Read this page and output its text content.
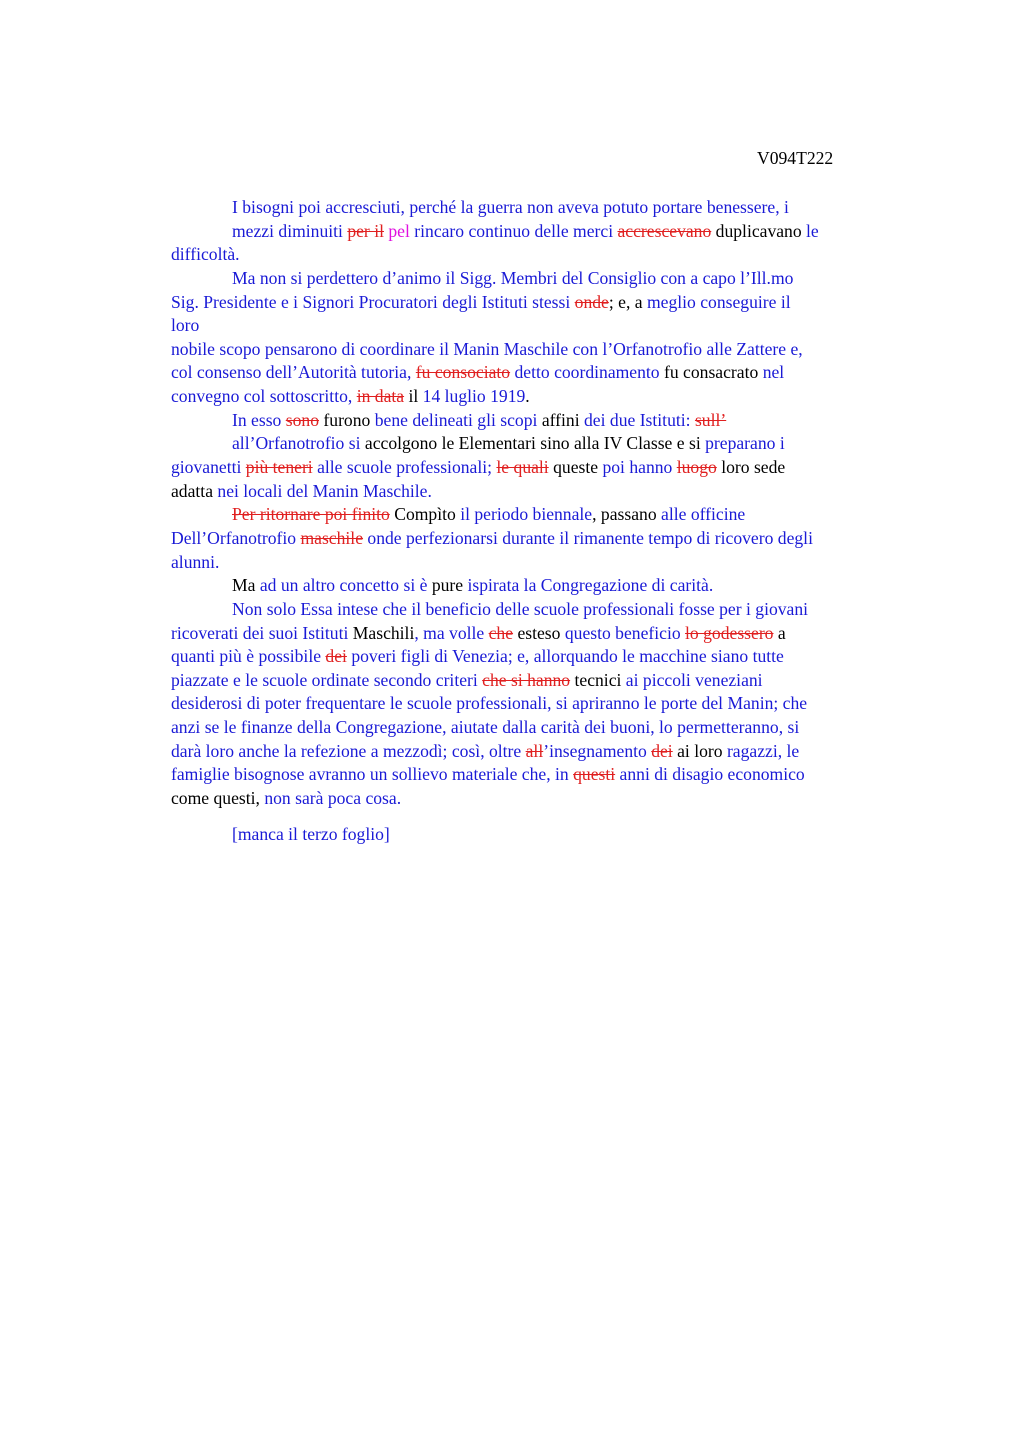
V094T222
I bisogni poi accresciuti, perché la guerra non aveva potuto portare benessere, i
mezzi diminuiti per il pel rincaro continuo delle merci accrescevano duplicavano le
difficoltà.
Ma non si perdettero d’animo il Sigg. Membri del Consiglio con a capo l’Ill.mo
Sig. Presidente e i Signori Procuratori degli Istituti stessi onde; e, a meglio conseguire il
loro
nobile scopo pensarono di coordinare il Manin Maschile con l’Orfanotrofio alle Zattere e,
col consenso dell’Autorità tutoria, fu consociato detto coordinamento fu consacrato nel
convegno col sottoscritto, in data il 14 luglio 1919.
In esso sono furono bene delineati gli scopi affini dei due Istituti: sull’
all’Orfanotrofio si accolgono le Elementari sino alla IV Classe e si preparano i
giovanetti più teneri alle scuole professionali; le quali queste poi hanno luogo loro sede
adatta nei locali del Manin Maschile.
Per ritornare poi finito Compìto il periodo biennale, passano alle officine
Dell’Orfanotrofio maschile onde perfezionarsi durante il rimanente tempo di ricovero degli
alunni.
Ma ad un altro concetto si è pure ispirata la Congregazione di carità.
Non solo Essa intese che il beneficio delle scuole professionali fosse per i giovani
ricoverati dei suoi Istituti Maschili, ma volle che esteso questo beneficio lo godessero a
quanti più è possibile dei poveri figli di Venezia; e, allorquando le macchine siano tutte
piazzate e le scuole ordinate secondo criteri che si hanno tecnici ai piccoli veneziani
desiderosi di poter frequentare le scuole professionali, si apriranno le porte del Manin; che
anzi se le finanze della Congregazione, aiutate dalla carità dei buoni, lo permetteranno, si
darà loro anche la refezione a mezzodì; così, oltre all’insegnamento dei ai loro ragazzi, le
famiglie bisognose avranno un sollievo materiale che, in questi anni di disagio economico
come questi, non sarà poca cosa.
[manca il terzo foglio]
